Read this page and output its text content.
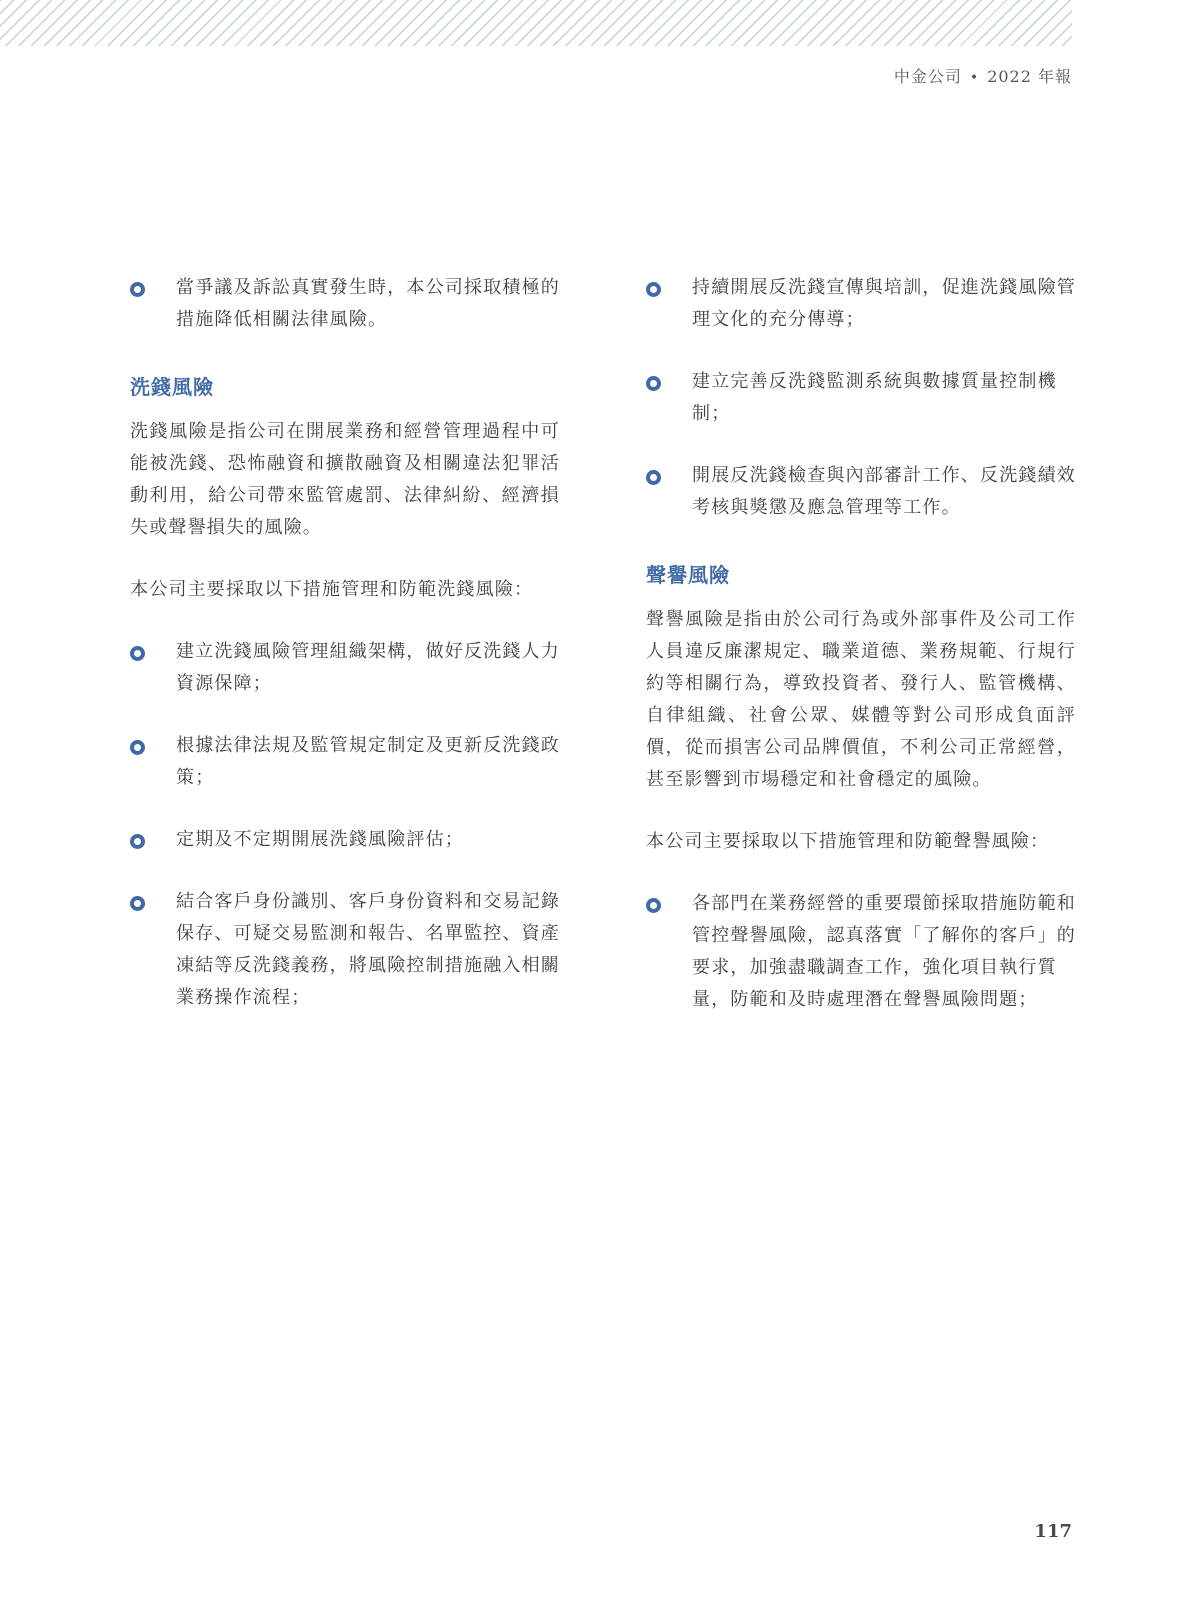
中金公司 • 2022 年報
當爭議及訴訟真實發生時，本公司採取積極的措施降低相關法律風險。
洗錢風險
洗錢風險是指公司在開展業務和經營管理過程中可能被洗錢、恐怖融資和擴散融資及相關違法犯罪活動利用，給公司帶來監管處罰、法律糾紛、經濟損失或聲譽損失的風險。
本公司主要採取以下措施管理和防範洗錢風險：
建立洗錢風險管理組織架構，做好反洗錢人力資源保障；
根據法律法規及監管規定制定及更新反洗錢政策；
定期及不定期開展洗錢風險評估；
結合客戶身份識別、客戶身份資料和交易記錄保存、可疑交易監測和報告、名單監控、資產凍結等反洗錢義務，將風險控制措施融入相關業務操作流程；
持續開展反洗錢宣傳與培訓，促進洗錢風險管理文化的充分傳導；
建立完善反洗錢監測系統與數據質量控制機制；
開展反洗錢檢查與內部審計工作、反洗錢績效考核與獎懲及應急管理等工作。
聲譽風險
聲譽風險是指由於公司行為或外部事件及公司工作人員違反廉潔規定、職業道德、業務規範、行規行約等相關行為，導致投資者、發行人、監管機構、自律組織、社會公眾、媒體等對公司形成負面評價，從而損害公司品牌價值，不利公司正常經營，甚至影響到市場穩定和社會穩定的風險。
本公司主要採取以下措施管理和防範聲譽風險：
各部門在業務經營的重要環節採取措施防範和管控聲譽風險，認真落實「了解你的客戶」的要求，加強盡職調查工作，強化項目執行質量，防範和及時處理潛在聲譽風險問題；
117
